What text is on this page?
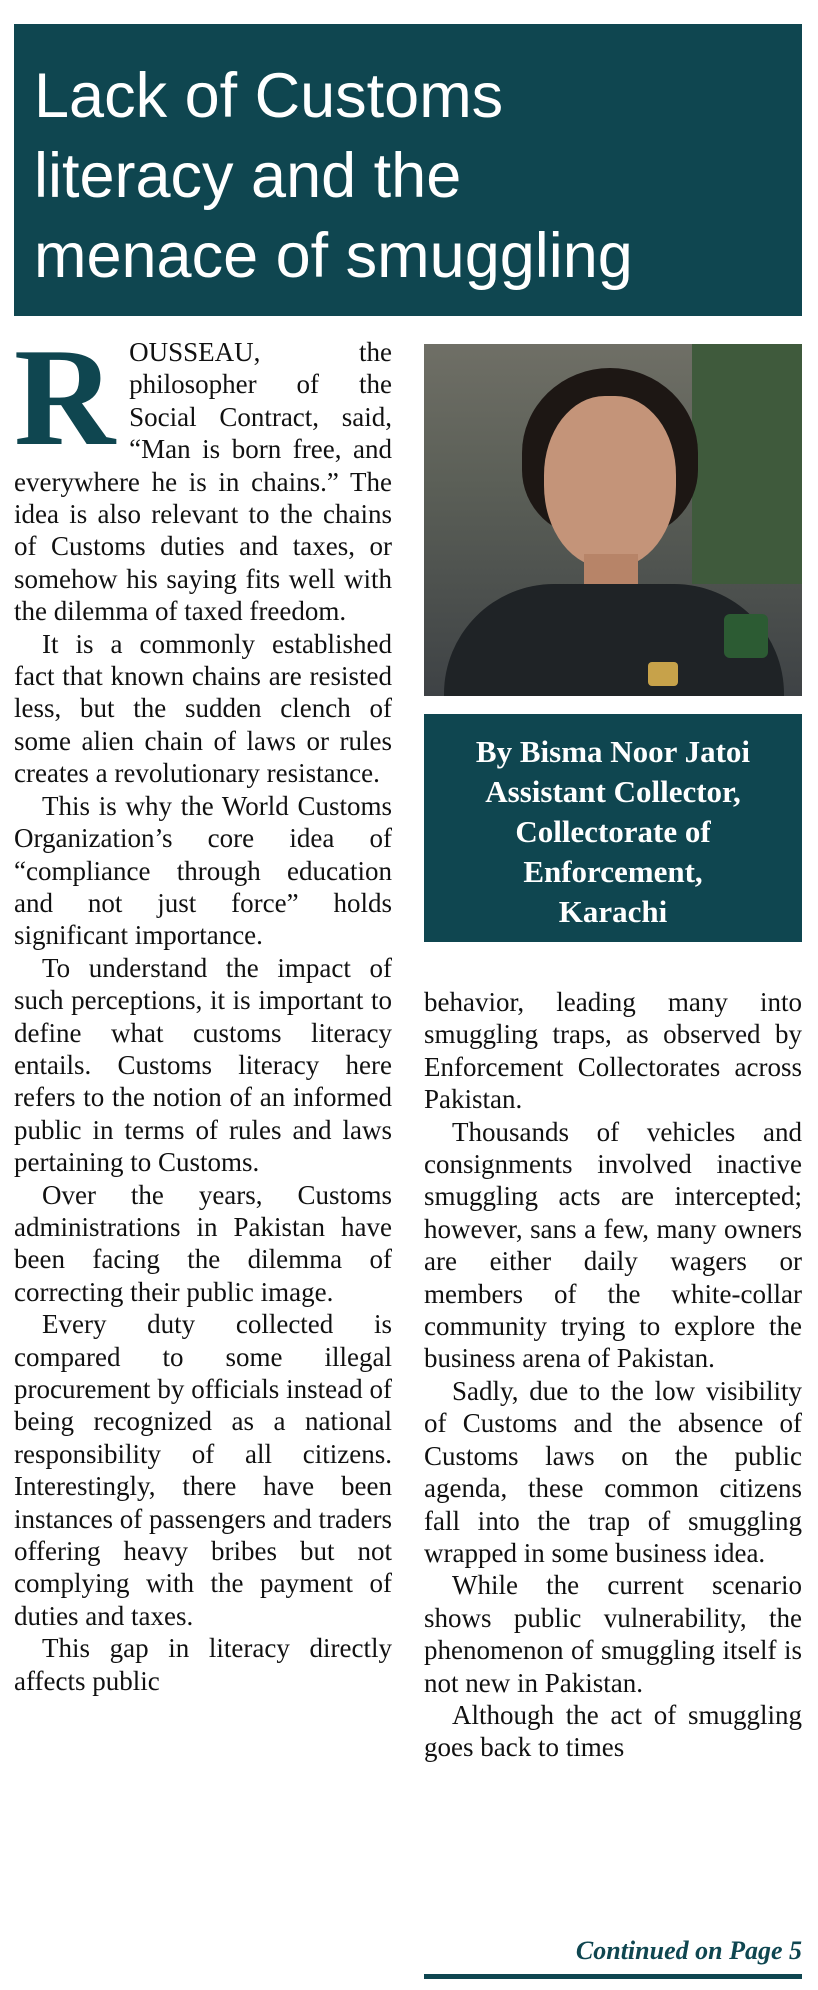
Lack of Customs
literacy and the
menace of smuggling

ROUSSEAU, the philosopher of the Social Contract, said, “Man is born free, and everywhere he is in chains.” The idea is also relevant to the chains of Customs duties and taxes, or somehow his saying fits well with the dilemma of taxed freedom.

It is a commonly established fact that known chains are resisted less, but the sudden clench of some alien chain of laws or rules creates a revolutionary resistance.

This is why the World Customs Organization’s core idea of “compliance through education and not just force” holds significant importance.

To understand the impact of such perceptions, it is important to define what customs literacy entails. Customs literacy here refers to the notion of an informed public in terms of rules and laws pertaining to Customs.

Over the years, Customs administrations in Pakistan have been facing the dilemma of correcting their public image.

Every duty collected is compared to some illegal procurement by officials instead of being recognized as a national responsibility of all citizens. Interestingly, there have been instances of passengers and traders offering heavy bribes but not complying with the payment of duties and taxes.

This gap in literacy directly affects public

By Bisma Noor Jatoi
Assistant Collector,
Collectorate of
Enforcement,
Karachi

behavior, leading many into smuggling traps, as observed by Enforcement Collectorates across Pakistan.

Thousands of vehicles and consignments involved inactive smuggling acts are intercepted; however, sans a few, many owners are either daily wagers or members of the white-collar community trying to explore the business arena of Pakistan.

Sadly, due to the low visibility of Customs and the absence of Customs laws on the public agenda, these common citizens fall into the trap of smuggling wrapped in some business idea.

While the current scenario shows public vulnerability, the phenomenon of smuggling itself is not new in Pakistan.

Although the act of smuggling goes back to times

Continued on Page 5
